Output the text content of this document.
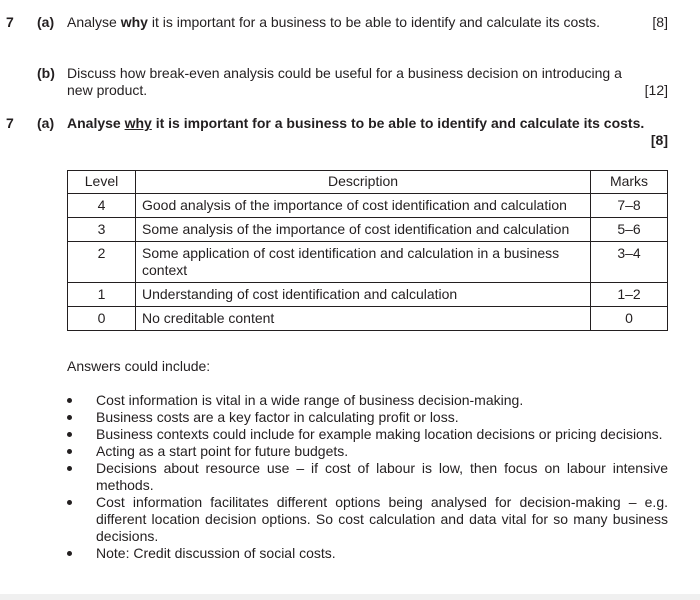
7 (a) Analyse why it is important for a business to be able to identify and calculate its costs.	[8]
(b) Discuss how break-even analysis could be useful for a business decision on introducing a new product.	[12]
7 (a) Analyse why it is important for a business to be able to identify and calculate its costs.
[8]
Level	Description	Marks
4	Good analysis of the importance of cost identification and calculation	7–8
3	Some analysis of the importance of cost identification and calculation	5–6
2	Some application of cost identification and calculation in a business context	3–4
1	Understanding of cost identification and calculation	1–2
0	No creditable content	0
Answers could include:
Cost information is vital in a wide range of business decision-making.
Business costs are a key factor in calculating profit or loss.
Business contexts could include for example making location decisions or pricing decisions.
Acting as a start point for future budgets.
Decisions about resource use – if cost of labour is low, then focus on labour intensive methods.
Cost information facilitates different options being analysed for decision-making – e.g. different location decision options. So cost calculation and data vital for so many business decisions.
Note: Credit discussion of social costs.
